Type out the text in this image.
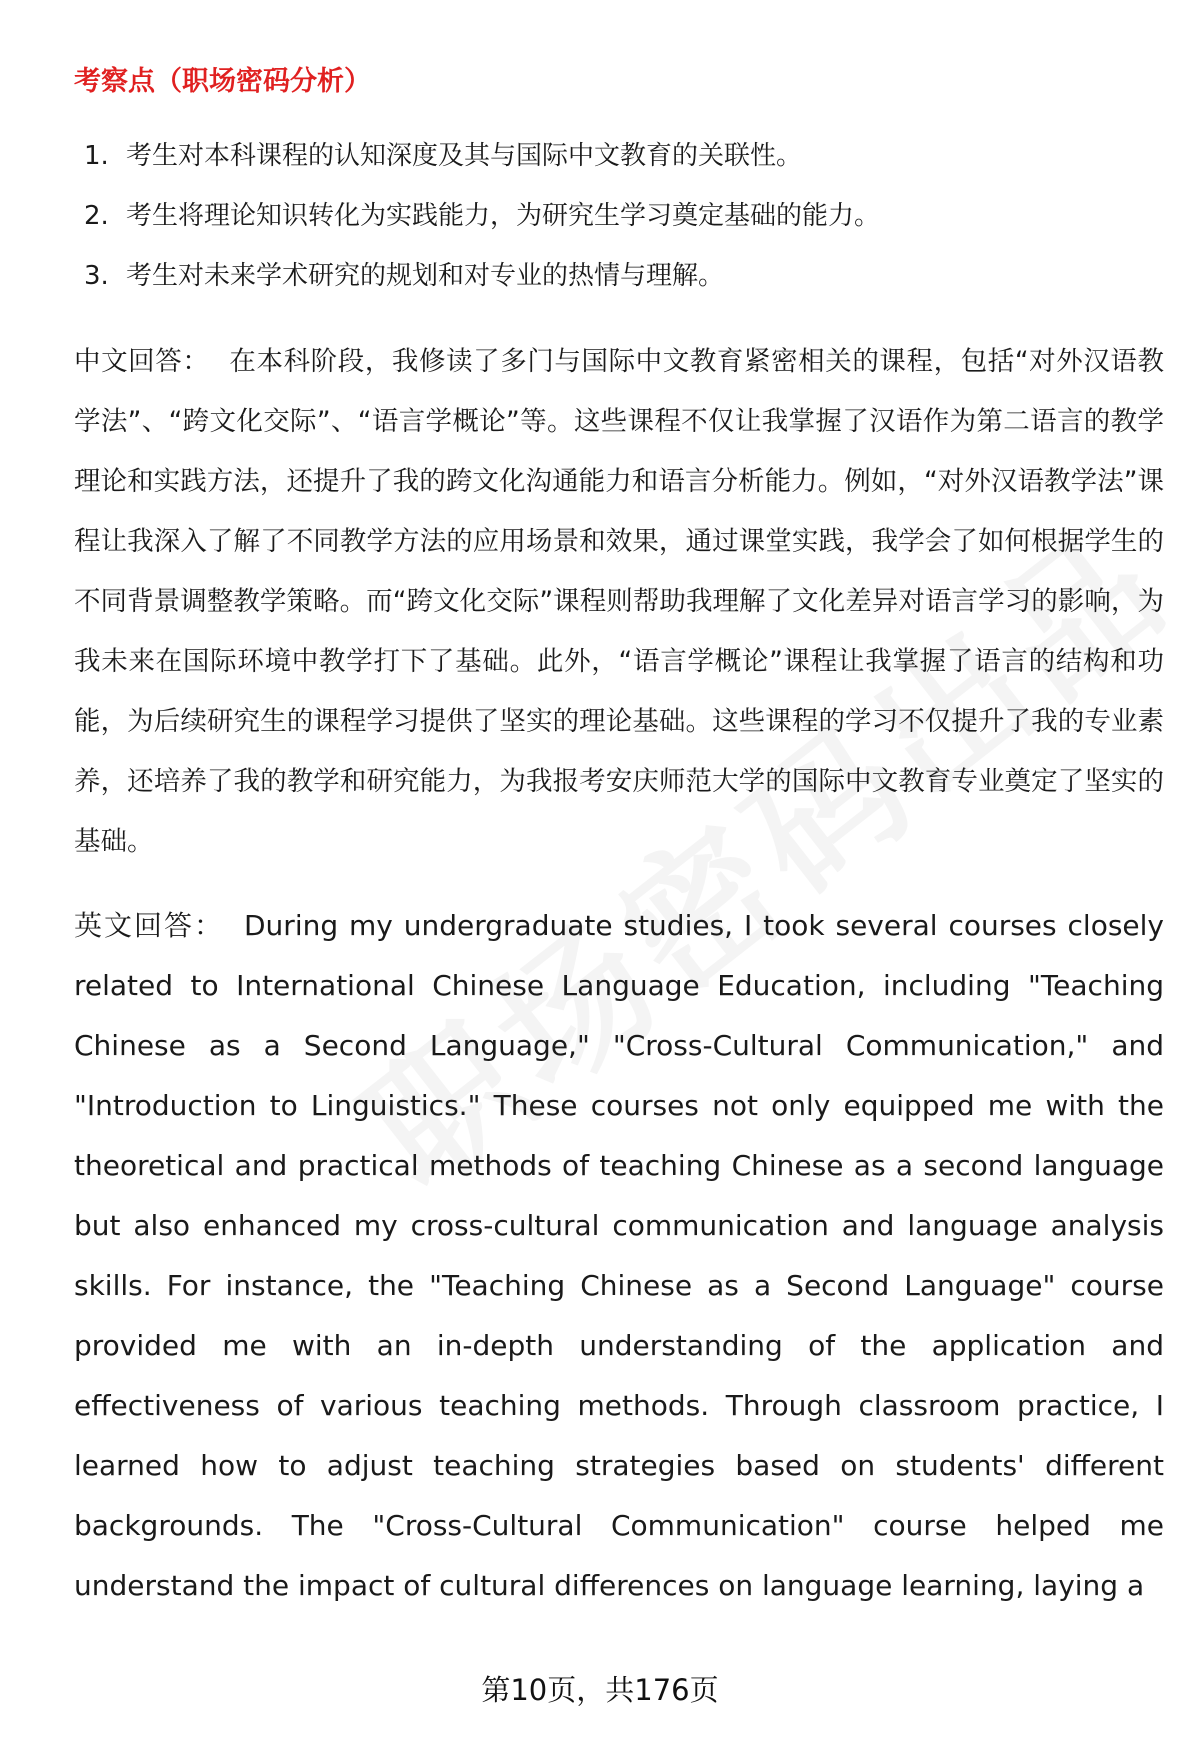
考察点（职场密码分析）
1. 考生对本科课程的认知深度及其与国际中文教育的关联性。
2. 考生将理论知识转化为实践能力，为研究生学习奠定基础的能力。
3. 考生对未来学术研究的规划和对专业的热情与理解。

中文回答： 在本科阶段，我修读了多门与国际中文教育紧密相关的课程，包括“对外汉语教学法”、“跨文化交际”、“语言学概论”等。这些课程不仅让我掌握了汉语作为第二语言的教学理论和实践方法，还提升了我的跨文化沟通能力和语言分析能力。例如，“对外汉语教学法”课程让我深入了解了不同教学方法的应用场景和效果，通过课堂实践，我学会了如何根据学生的不同背景调整教学策略。而“跨文化交际”课程则帮助我理解了文化差异对语言学习的影响，为我未来在国际环境中教学打下了基础。此外，“语言学概论”课程让我掌握了语言的结构和功能，为后续研究生的课程学习提供了坚实的理论基础。这些课程的学习不仅提升了我的专业素养，还培养了我的教学和研究能力，为我报考安庆师范大学的国际中文教育专业奠定了坚实的基础。

英文回答： During my undergraduate studies, I took several courses closely related to International Chinese Language Education, including "Teaching Chinese as a Second Language," "Cross-Cultural Communication," and "Introduction to Linguistics." These courses not only equipped me with the theoretical and practical methods of teaching Chinese as a second language but also enhanced my cross-cultural communication and language analysis skills. For instance, the "Teaching Chinese as a Second Language" course provided me with an in-depth understanding of the application and effectiveness of various teaching methods. Through classroom practice, I learned how to adjust teaching strategies based on students' different backgrounds. The "Cross-Cultural Communication" course helped me understand the impact of cultural differences on language learning, laying a

第10页，共176页
